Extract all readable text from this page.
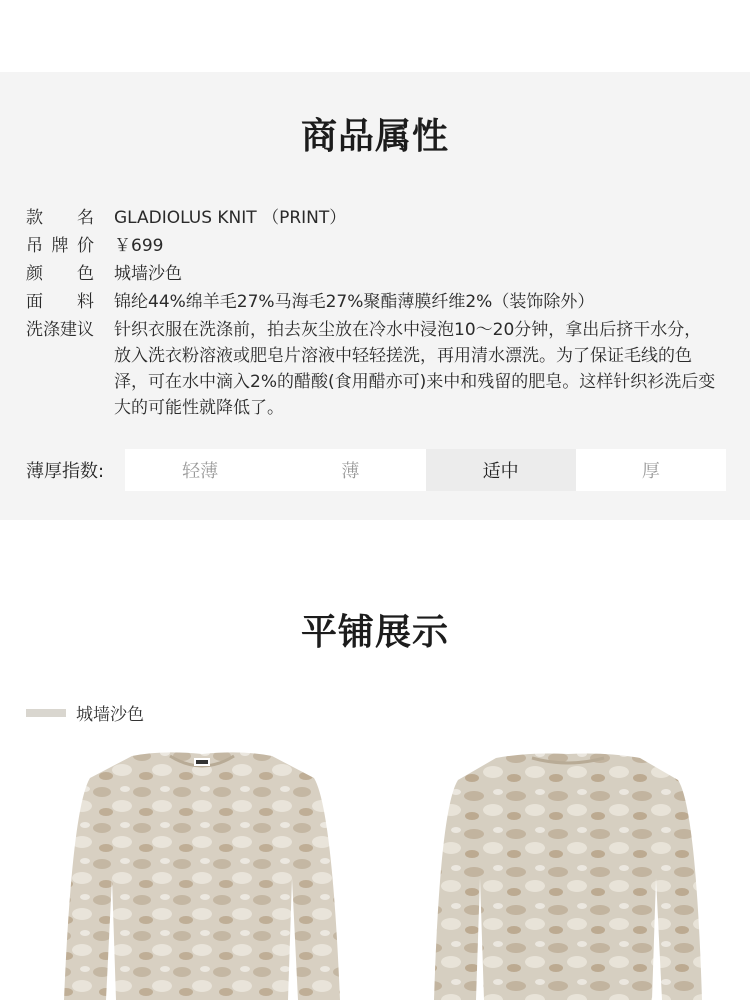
商品属性
款 名 GLADIOLUS KNIT （PRINT）
吊 牌 价 ￥699
颜 色 城墙沙色
面 料 锦纶44%绵羊毛27%马海毛27%聚酯薄膜纤维2%（装饰除外）
洗涤建议 针织衣服在洗涤前，拍去灰尘放在冷水中浸泡10～20分钟，拿出后挤干水分，放入洗衣粉溶液或肥皂片溶液中轻轻搓洗，再用清水漂洗。为了保证毛线的色泽，可在水中滴入2%的醋酸(食用醋亦可)来中和残留的肥皂。这样针织衫洗后变大的可能性就降低了。
薄厚指数:	轻薄	薄	适中	厚
平铺展示
城墙沙色
